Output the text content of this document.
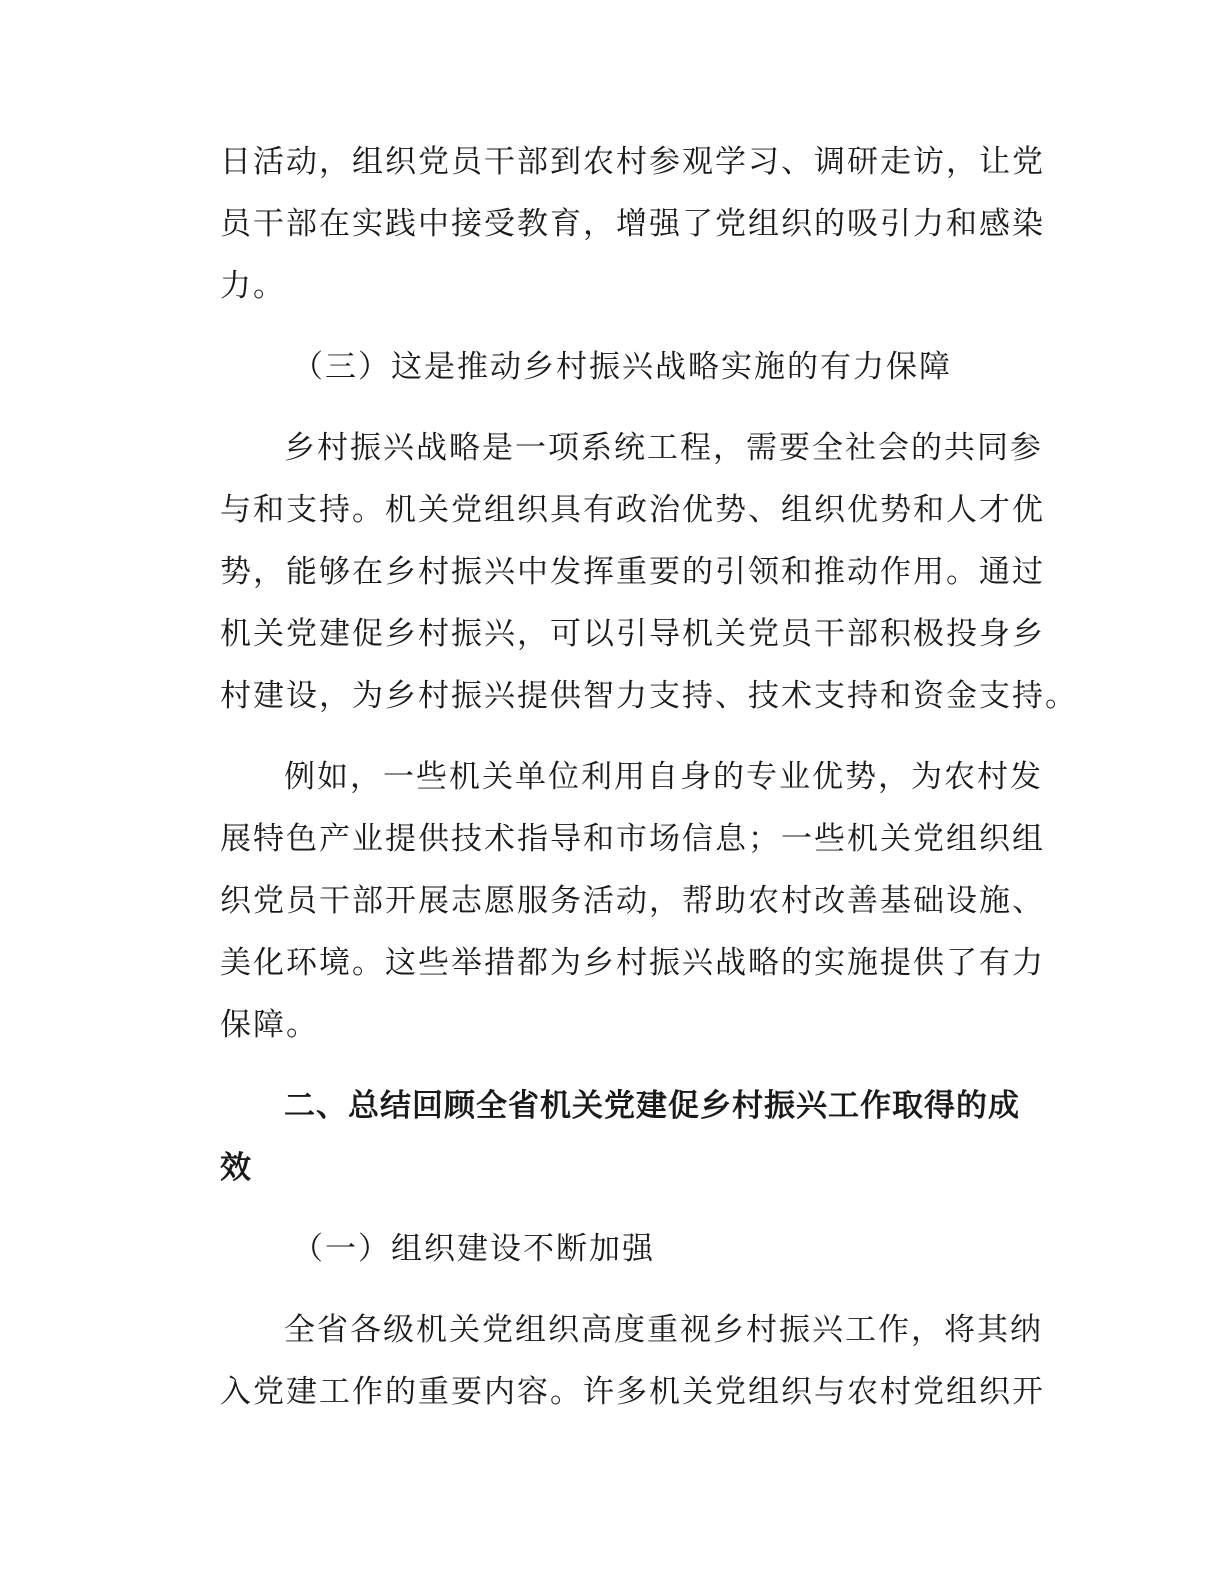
日活动，组织党员干部到农村参观学习、调研走访，让党
员干部在实践中接受教育，增强了党组织的吸引力和感染
力。
（三）这是推动乡村振兴战略实施的有力保障
乡村振兴战略是一项系统工程，需要全社会的共同参
与和支持。机关党组织具有政治优势、组织优势和人才优
势，能够在乡村振兴中发挥重要的引领和推动作用。通过
机关党建促乡村振兴，可以引导机关党员干部积极投身乡
村建设，为乡村振兴提供智力支持、技术支持和资金支持。
例如，一些机关单位利用自身的专业优势，为农村发
展特色产业提供技术指导和市场信息；一些机关党组织组
织党员干部开展志愿服务活动，帮助农村改善基础设施、
美化环境。这些举措都为乡村振兴战略的实施提供了有力
保障。
二、总结回顾全省机关党建促乡村振兴工作取得的成
效
（一）组织建设不断加强
全省各级机关党组织高度重视乡村振兴工作，将其纳
入党建工作的重要内容。许多机关党组织与农村党组织开
